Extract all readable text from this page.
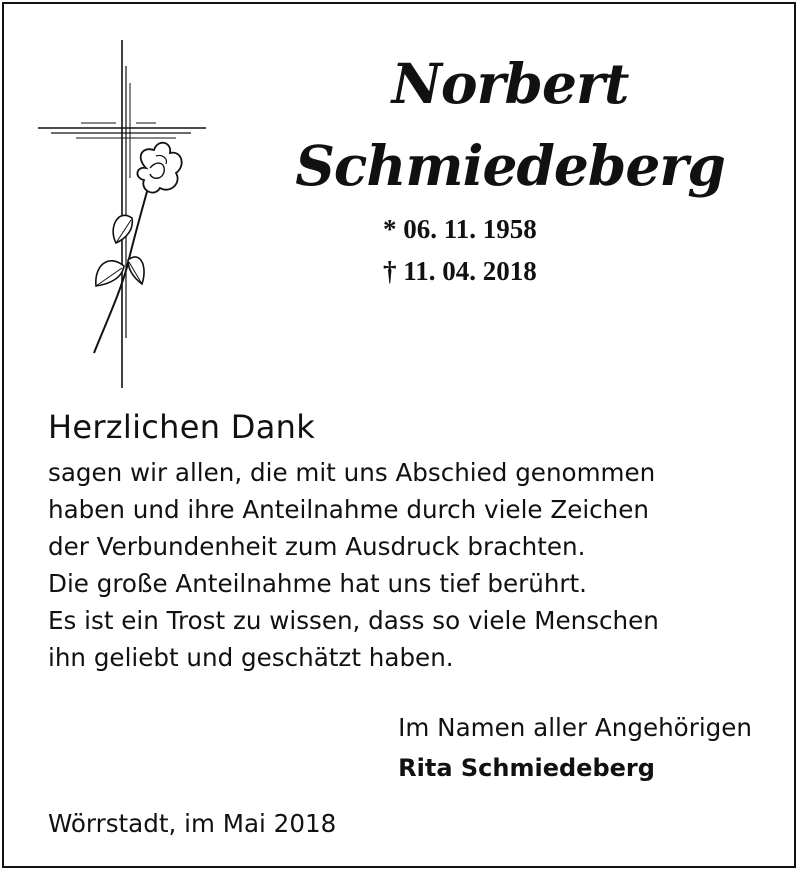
Norbert
Schmiedeberg
* 06. 11. 1958
† 11. 04. 2018
Herzlichen Dank

sagen wir allen, die mit uns Abschied genommen

haben und ihre Anteilnahme durch viele Zeichen

der Verbundenheit zum Ausdruck brachten.

Die große Anteilnahme hat uns tief berührt.

Es ist ein Trost zu wissen, dass so viele Menschen

ihn geliebt und geschätzt haben.

Im Namen aller Angehörigen
Rita Schmiedeberg
Wörrstadt, im Mai 2018
